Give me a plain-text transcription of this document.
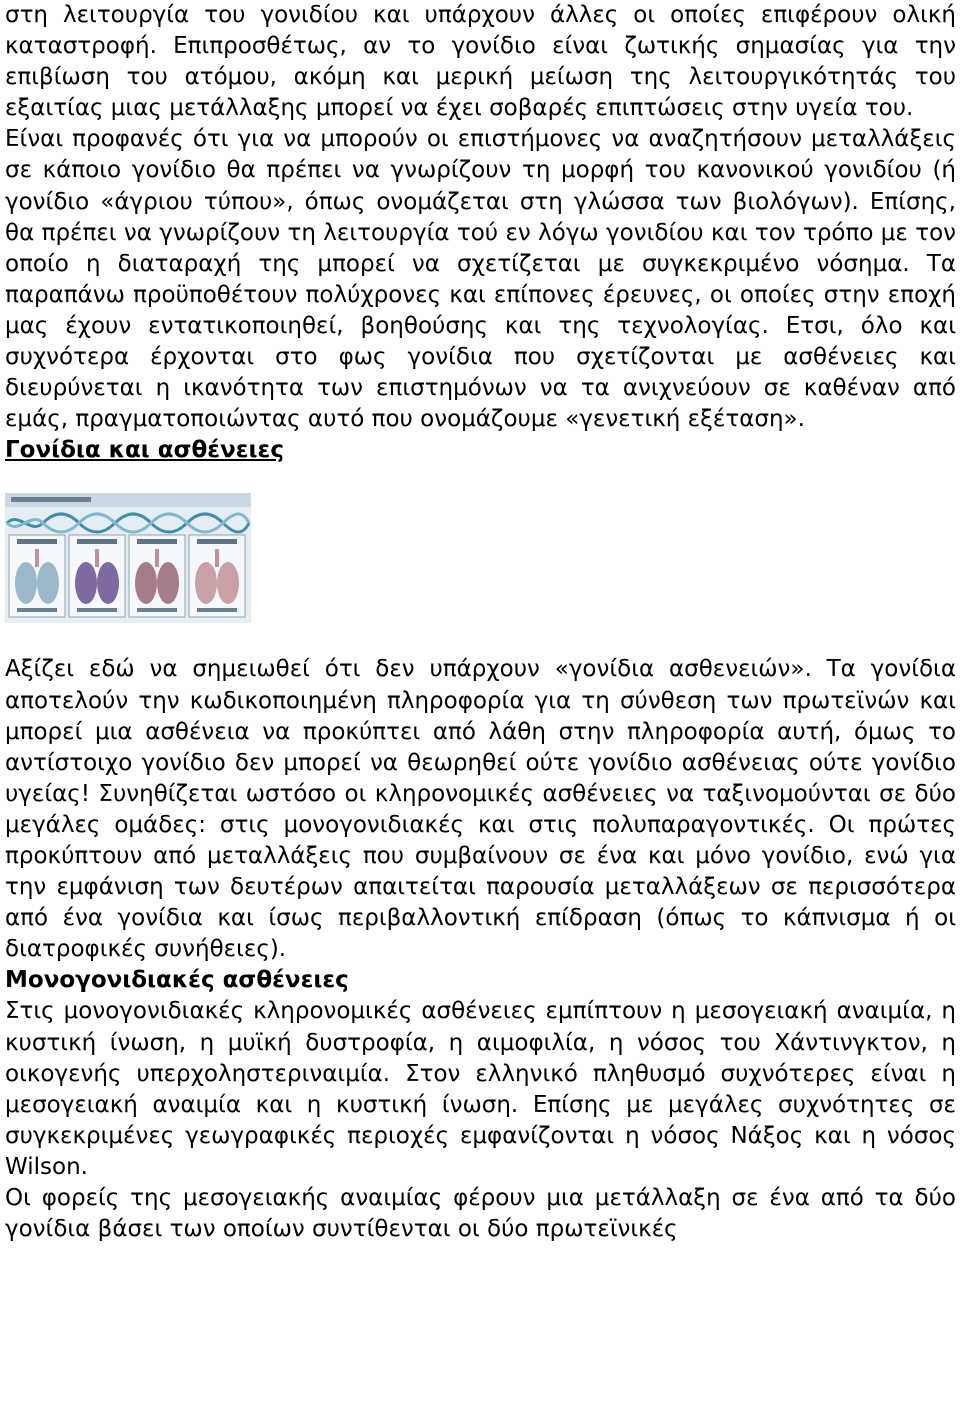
στη λειτουργία του γονιδίου και υπάρχουν άλλες οι οποίες επιφέρουν ολική καταστροφή. Επιπροσθέτως, αν το γονίδιο είναι ζωτικής σημασίας για την επιβίωση του ατόμου, ακόμη και μερική μείωση της λειτουργικότητάς του εξαιτίας μιας μετάλλαξης μπορεί να έχει σοβαρές επιπτώσεις στην υγεία του.

Είναι προφανές ότι για να μπορούν οι επιστήμονες να αναζητήσουν μεταλλάξεις σε κάποιο γονίδιο θα πρέπει να γνωρίζουν τη μορφή του κανονικού γονιδίου (ή γονίδιο «άγριου τύπου», όπως ονομάζεται στη γλώσσα των βιολόγων). Επίσης, θα πρέπει να γνωρίζουν τη λειτουργία τού εν λόγω γονιδίου και τον τρόπο με τον οποίο η διαταραχή της μπορεί να σχετίζεται με συγκεκριμένο νόσημα. Τα παραπάνω προϋποθέτουν πολύχρονες και επίπονες έρευνες, οι οποίες στην εποχή μας έχουν εντατικοποιηθεί, βοηθούσης και της τεχνολογίας. Ετσι, όλο και συχνότερα έρχονται στο φως γονίδια που σχετίζονται με ασθένειες και διευρύνεται η ικανότητα των επιστημόνων να τα ανιχνεύουν σε καθέναν από εμάς, πραγματοποιώντας αυτό που ονομάζουμε «γενετική εξέταση».

Γονίδια και ασθένειες

Αξίζει εδώ να σημειωθεί ότι δεν υπάρχουν «γονίδια ασθενειών». Τα γονίδια αποτελούν την κωδικοποιημένη πληροφορία για τη σύνθεση των πρωτεϊνών και μπορεί μια ασθένεια να προκύπτει από λάθη στην πληροφορία αυτή, όμως το αντίστοιχο γονίδιο δεν μπορεί να θεωρηθεί ούτε γονίδιο ασθένειας ούτε γονίδιο υγείας! Συνηθίζεται ωστόσο οι κληρονομικές ασθένειες να ταξινομούνται σε δύο μεγάλες ομάδες: στις μονογονιδιακές και στις πολυπαραγοντικές. Οι πρώτες προκύπτουν από μεταλλάξεις που συμβαίνουν σε ένα και μόνο γονίδιο, ενώ για την εμφάνιση των δευτέρων απαιτείται παρουσία μεταλλάξεων σε περισσότερα από ένα γονίδια και ίσως περιβαλλοντική επίδραση (όπως το κάπνισμα ή οι διατροφικές συνήθειες).

Μονογονιδιακές ασθένειες

Στις μονογονιδιακές κληρονομικές ασθένειες εμπίπτουν η μεσογειακή αναιμία, η κυστική ίνωση, η μυϊκή δυστροφία, η αιμοφιλία, η νόσος του Χάντινγκτον, η οικογενής υπερχοληστεριναιμία. Στον ελληνικό πληθυσμό συχνότερες είναι η μεσογειακή αναιμία και η κυστική ίνωση. Επίσης με μεγάλες συχνότητες σε συγκεκριμένες γεωγραφικές περιοχές εμφανίζονται η νόσος Νάξος και η νόσος Wilson.

Οι φορείς της μεσογειακής αναιμίας φέρουν μια μετάλλαξη σε ένα από τα δύο γονίδια βάσει των οποίων συντίθενται οι δύο πρωτεϊνικές
